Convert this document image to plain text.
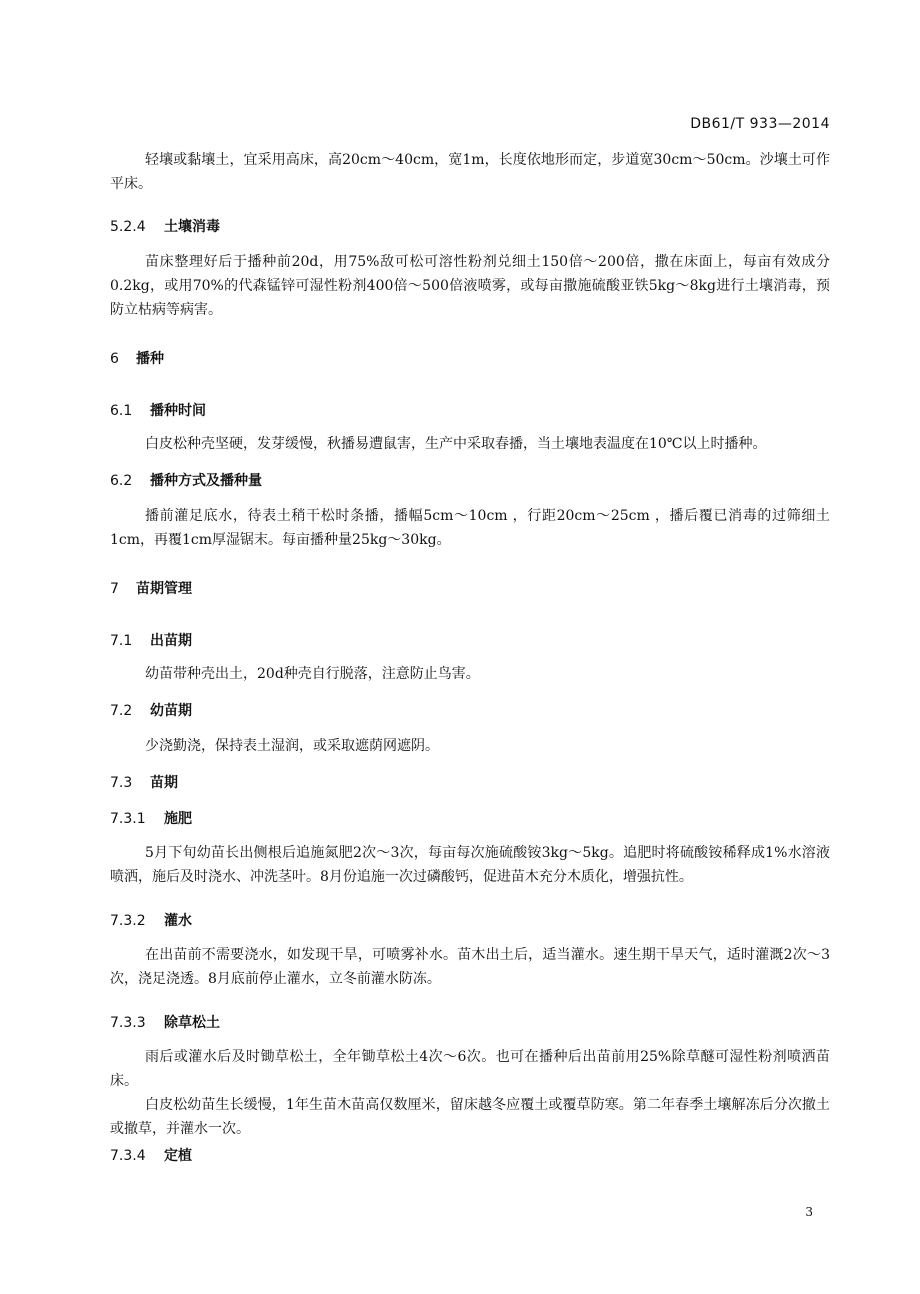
DB61/T 933—2014
轻壤或黏壤土，宜采用高床，高20cm～40cm，宽1m，长度依地形而定，步道宽30cm～50cm。沙壤土可作平床。
5.2.4 土壤消毒
苗床整理好后于播种前20d，用75%敌可松可溶性粉剂兑细土150倍～200倍，撒在床面上，每亩有效成分0.2kg，或用70%的代森锰锌可湿性粉剂400倍～500倍液喷雾，或每亩撒施硫酸亚铁5kg～8kg进行土壤消毒，预防立枯病等病害。
6 播种
6.1 播种时间
白皮松种壳坚硬，发芽缓慢，秋播易遭鼠害，生产中采取春播，当土壤地表温度在10℃以上时播种。
6.2 播种方式及播种量
播前灌足底水，待表土稍干松时条播，播幅5cm～10cm ，行距20cm～25cm ，播后覆已消毒的过筛细土1cm，再覆1cm厚湿锯末。每亩播种量25kg～30kg。
7 苗期管理
7.1 出苗期
幼苗带种壳出土，20d种壳自行脱落，注意防止鸟害。
7.2 幼苗期
少浇勤浇，保持表土湿润，或采取遮荫网遮阴。
7.3 苗期
7.3.1 施肥
5月下旬幼苗长出侧根后追施氮肥2次～3次，每亩每次施硫酸铵3kg～5kg。追肥时将硫酸铵稀释成1%水溶液喷洒，施后及时浇水、冲洗茎叶。8月份追施一次过磷酸钙，促进苗木充分木质化，增强抗性。
7.3.2 灌水
在出苗前不需要浇水，如发现干旱，可喷雾补水。苗木出土后，适当灌水。速生期干旱天气，适时灌溉2次～3次，浇足浇透。8月底前停止灌水，立冬前灌水防冻。
7.3.3 除草松土
雨后或灌水后及时锄草松土，全年锄草松土4次～6次。也可在播种后出苗前用25%除草醚可湿性粉剂喷洒苗床。
白皮松幼苗生长缓慢，1年生苗木苗高仅数厘米，留床越冬应覆土或覆草防寒。第二年春季土壤解冻后分次撤土或撤草，并灌水一次。
7.3.4 定植
3
